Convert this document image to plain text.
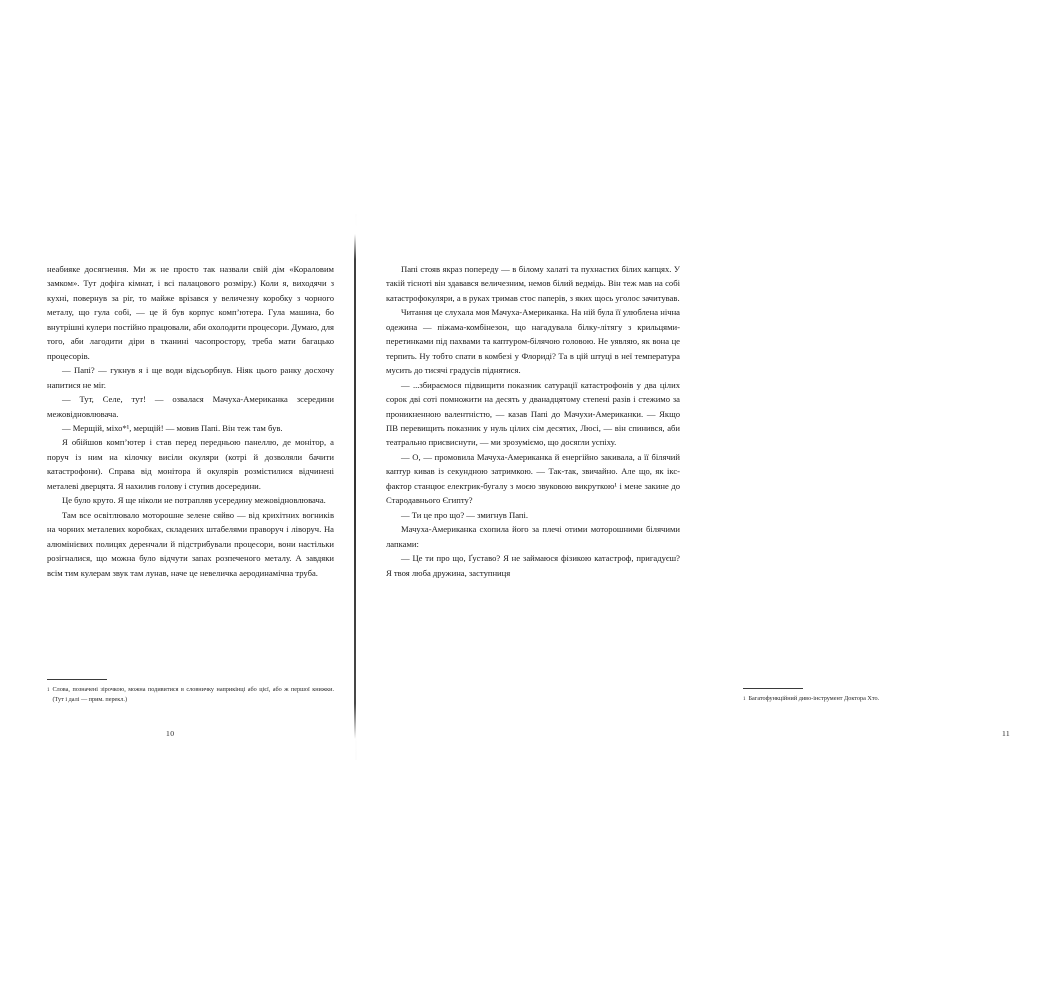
неабияке досягнення. Ми ж не просто так назвали свій дім «Кораловим замком». Тут дофіга кімнат, і всі палацового розміру.) Коли я, виходячи з кухні, повернув за ріг, то майже врізався у величезну коробку з чорного металу, що гула собі, — це й був корпус комп’ютера. Гула машина, бо внутрішні кулери постійно працювали, аби охолодити процесори. Думаю, для того, аби лагодити діри в тканині часопростору, треба мати багацько процесорів.

— Папі? — гукнув я і ще води відсьорбнув. Ніяк цього ранку досхочу напитися не міг.

— Тут, Селе, тут! — озвалася Мачуха-Американка зсередини межовідновлювача.

— Мерщій, міхо*¹, мерщій! — мовив Папі. Він теж там був.

Я обійшов комп’ютер і став перед передньою панеллю, де монітор, а поруч із ним на кілочку висіли окуляри (котрі й дозволяли бачити катастрофони). Справа від монітора й окулярів розмістилися відчинені металеві дверцята. Я нахилив голову і ступив досередини.

Це було круто. Я ще ніколи не потрапляв усередину межовідновлювача.

Там все освітлювало моторошне зелене сяйво — від крихітних вогників на чорних металевих коробках, складених штабелями праворуч і ліворуч. На алюмінієвих полицях деренчали й підстрибували процесори, вони настільки розігналися, що можна було відчути запах розпеченого металу. А завдяки всім тим кулерам звук там лунав, наче це невеличка аеродинамічна труба.

1 Слова, позначені зірочкою, можна подивитися в словничку наприкінці або цієї, або ж першої книжки. (Тут і далі — прим. перекл.)
10

Папі стояв якраз попереду — в білому халаті та пухнастих білих капцях. У такій тісноті він здавався величезним, немов білий ведмідь. Він теж мав на собі катастрофокуляри, а в руках тримав стос паперів, з яких щось уголос зачитував.

Читання це слухала моя Мачуха-Американка. На ній була її улюблена нічна одежина — піжама-комбінезон, що нагадувала білку-літягу з крильцями-перетинками під пахвами та каптуром-білячою головою. Не уявляю, як вона це терпить. Ну тобто спати в комбезі у Флориді? Та в цій штуці в неї температура мусить до тисячі градусів піднятися.

— ...збираємося підвищити показник сатурації катастрофонів у два цілих сорок дві соті помножити на десять у дванадцятому степені разів і стежимо за проникненною валентністю, — казав Папі до Мачухи-Американки. — Якщо ПВ перевищить показник у нуль цілих сім десятих, Люсі, — він спинився, аби театрально присвиснути, — ми зрозуміємо, що досягли успіху.

— О, — промовила Мачуха-Американка й енергійно закивала, а її білячий каптур кивав із секундною затримкою. — Так-так, звичайно. Але що, як ікс-фактор станцює електрик-бугалу з моєю звуковою викруткою¹ і мене закине до Стародавнього Єгипту?

— Ти це про що? — змигнув Папі.

Мачуха-Американка схопила його за плечі отими моторошними білячими лапками:

— Це ти про що, Ґуставо? Я не займаюся фізикою катастроф, пригадуєш? Я твоя люба дружина, заступниця

1 Багатофункційний диво-інструмент Доктора Хто.
11
